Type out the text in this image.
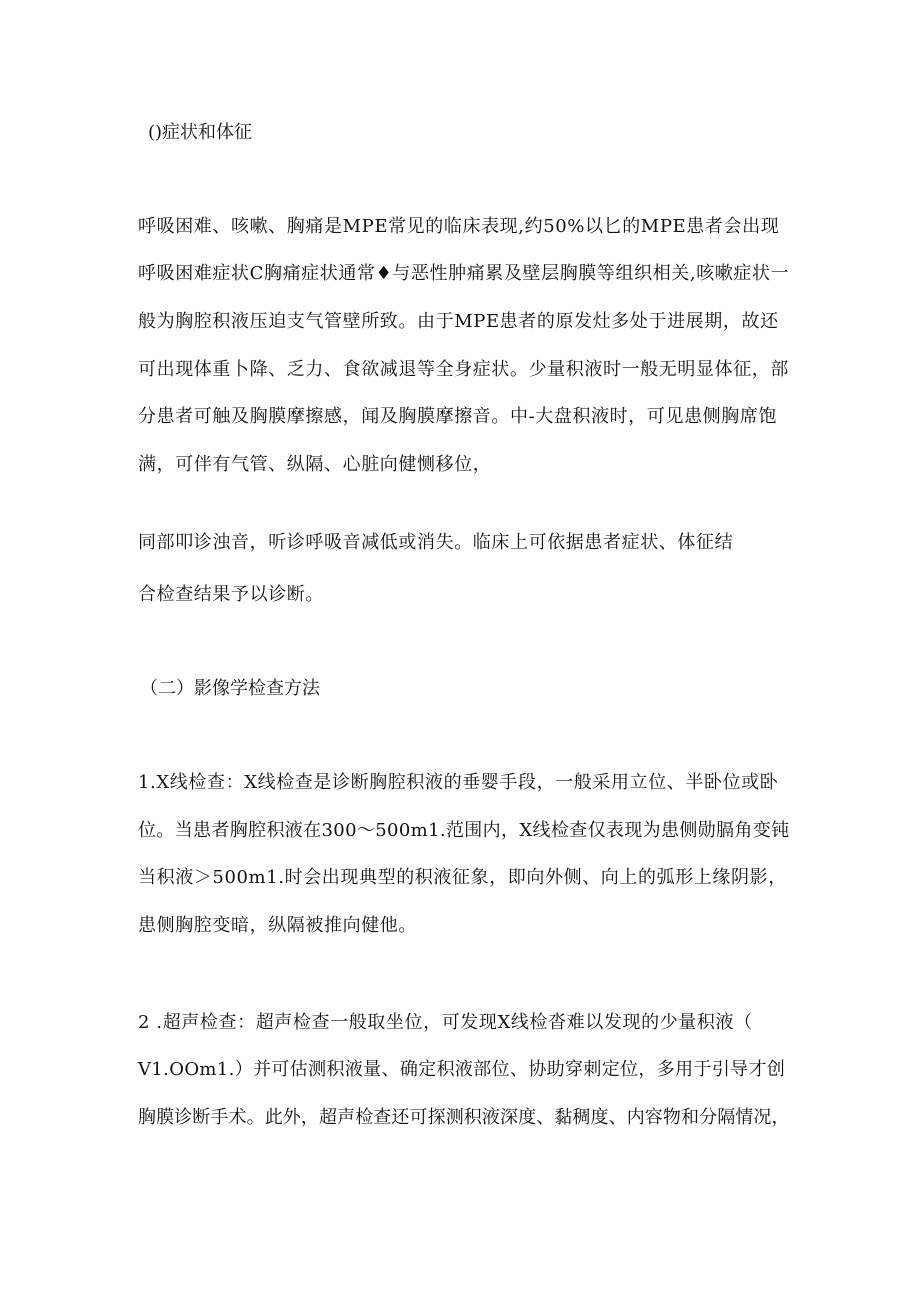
()症状和体征
呼吸困难、咳嗽、胸痛是MPE常见的临床表现,约50%以匕的MPE患者会出现
呼吸困难症状C胸痛症状通常♦与恶性肿痛累及壁层胸膜等组织相关,咳嗽症状一
般为胸腔积液压迫支气管壁所致。由于MPE患者的原发灶多处于进展期，故还
可出现体重卜降、乏力、食欲减退等全身症状。少量积液时一般无明显体征，部
分患者可触及胸膜摩擦感，闻及胸膜摩擦音。中-大盘积液时，可见患侧胸席饱
满，可伴有气管、纵隔、心脏向健恻移位，
同部叩诊浊音，听诊呼吸音减低或消失。临床上可依据患者症状、体征结
合检查结果予以诊断。
（二）影像学检查方法
1.X线检查：X线检查是诊断胸腔积液的垂婴手段，一般采用立位、半卧位或卧
位。当患者胸腔积液在300～500m1.范围内，X线检查仅表现为患侧勋膈角变钝
当积液＞500m1.时会出现典型的积液征象，即向外侧、向上的弧形上缘阴影，
患侧胸腔变暗，纵隔被推向健他。
2 .超声检查：超声检查一般取坐位，可发现X线检沓难以发现的少量积液（
V1.OOm1.）并可估测积液量、确定积液部位、协助穿刺定位，多用于引导才创
胸膜诊断手术。此外，超声检查还可探测积液深度、黏稠度、内容物和分隔情况，
